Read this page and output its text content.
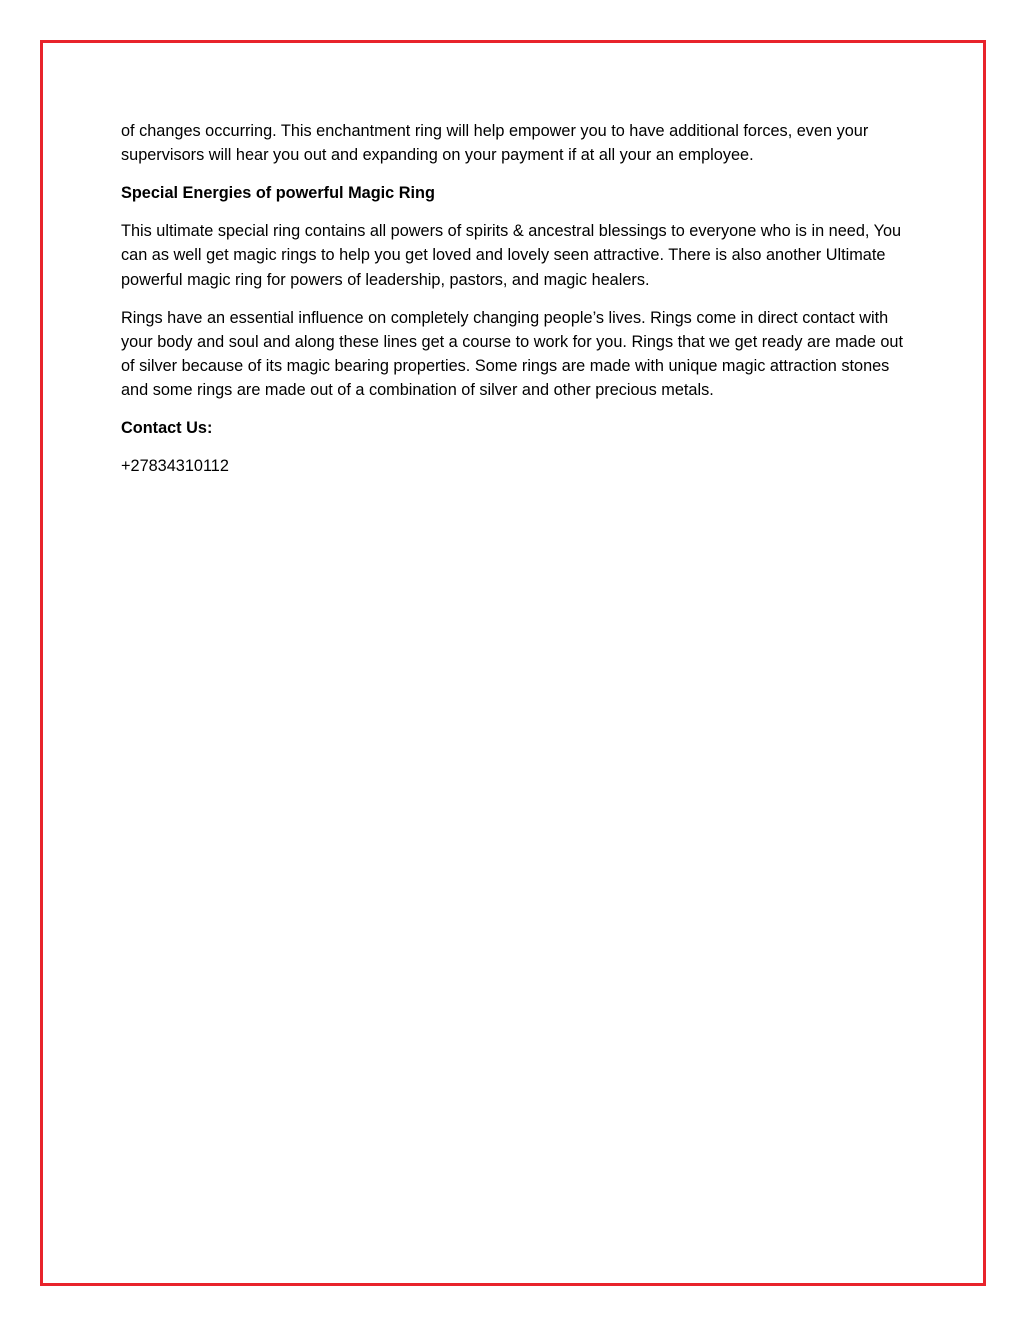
of changes occurring. This enchantment ring will help empower you to have additional forces, even your supervisors will hear you out and expanding on your payment if at all your an employee.

Special Energies of powerful Magic Ring

This ultimate special ring contains all powers of spirits & ancestral blessings to everyone who is in need, You can as well get magic rings to help you get loved and lovely seen attractive. There is also another Ultimate powerful magic ring for powers of leadership, pastors, and magic healers.

Rings have an essential influence on completely changing people’s lives. Rings come in direct contact with your body and soul and along these lines get a course to work for you. Rings that we get ready are made out of silver because of its magic bearing properties. Some rings are made with unique magic attraction stones and some rings are made out of a combination of silver and other precious metals.

Contact Us:

+27834310112
